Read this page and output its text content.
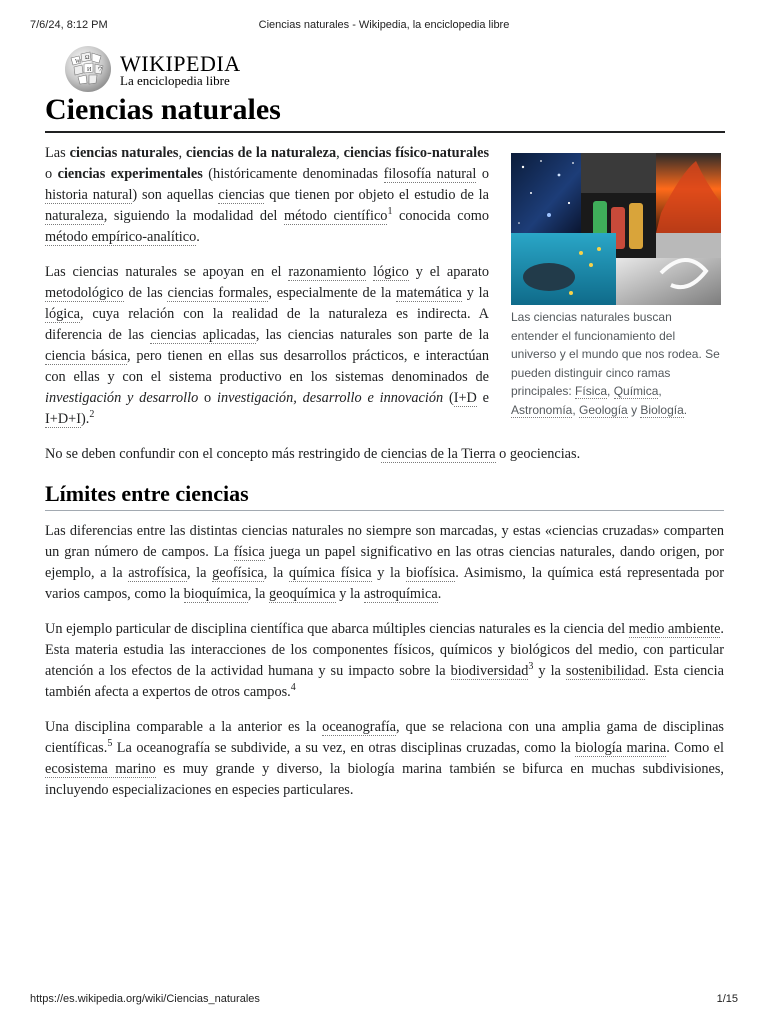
7/6/24, 8:12 PM	Ciencias naturales - Wikipedia, la enciclopedia libre
W
Ω
И ウ WIKIPEDIA
La enciclopedia libre
Ciencias naturales
Las ciencias naturales buscan entender el funcionamiento del universo y el mundo que nos rodea. Se pueden distinguir cinco ramas principales: Física, Química, Astronomía, Geología y Biología.

Las ciencias naturales, ciencias de la naturaleza, ciencias físico-naturales o ciencias experimentales (históricamente denominadas filosofía natural o historia natural) son aquellas ciencias que tienen por objeto el estudio de la naturaleza, siguiendo la modalidad del método científico$^1$ conocida como método empírico-analítico.

Las ciencias naturales se apoyan en el razonamiento lógico y el aparato metodológico de las ciencias formales, especialmente de la matemática y la lógica, cuya relación con la realidad de la naturaleza es indirecta. A diferencia de las ciencias aplicadas, las ciencias naturales son parte de la ciencia básica, pero tienen en ellas sus desarrollos prácticos, e interactúan con ellas y con el sistema productivo en los sistemas denominados de investigación y desarrollo o investigación, desarrollo e innovación (I+D e I+D+I).$^2$

No se deben confundir con el concepto más restringido de ciencias de la Tierra o geociencias.

Límites entre ciencias

Las diferencias entre las distintas ciencias naturales no siempre son marcadas, y estas «ciencias cruzadas» comparten un gran número de campos. La física juega un papel significativo en las otras ciencias naturales, dando origen, por ejemplo, a la astrofísica, la geofísica, la química física y la biofísica. Asimismo, la química está representada por varios campos, como la bioquímica, la geoquímica y la astroquímica.

Un ejemplo particular de disciplina científica que abarca múltiples ciencias naturales es la ciencia del medio ambiente. Esta materia estudia las interacciones de los componentes físicos, químicos y biológicos del medio, con particular atención a los efectos de la actividad humana y su impacto sobre la biodiversidad$^3$ y la sostenibilidad. Esta ciencia también afecta a expertos de otros campos.$^4$

Una disciplina comparable a la anterior es la oceanografía, que se relaciona con una amplia gama de disciplinas científicas.$^5$ La oceanografía se subdivide, a su vez, en otras disciplinas cruzadas, como la biología marina. Como el ecosistema marino es muy grande y diverso, la biología marina también se bifurca en muchas subdivisiones, incluyendo especializaciones en especies particulares.

https://es.wikipedia.org/wiki/Ciencias_naturales	1/15
